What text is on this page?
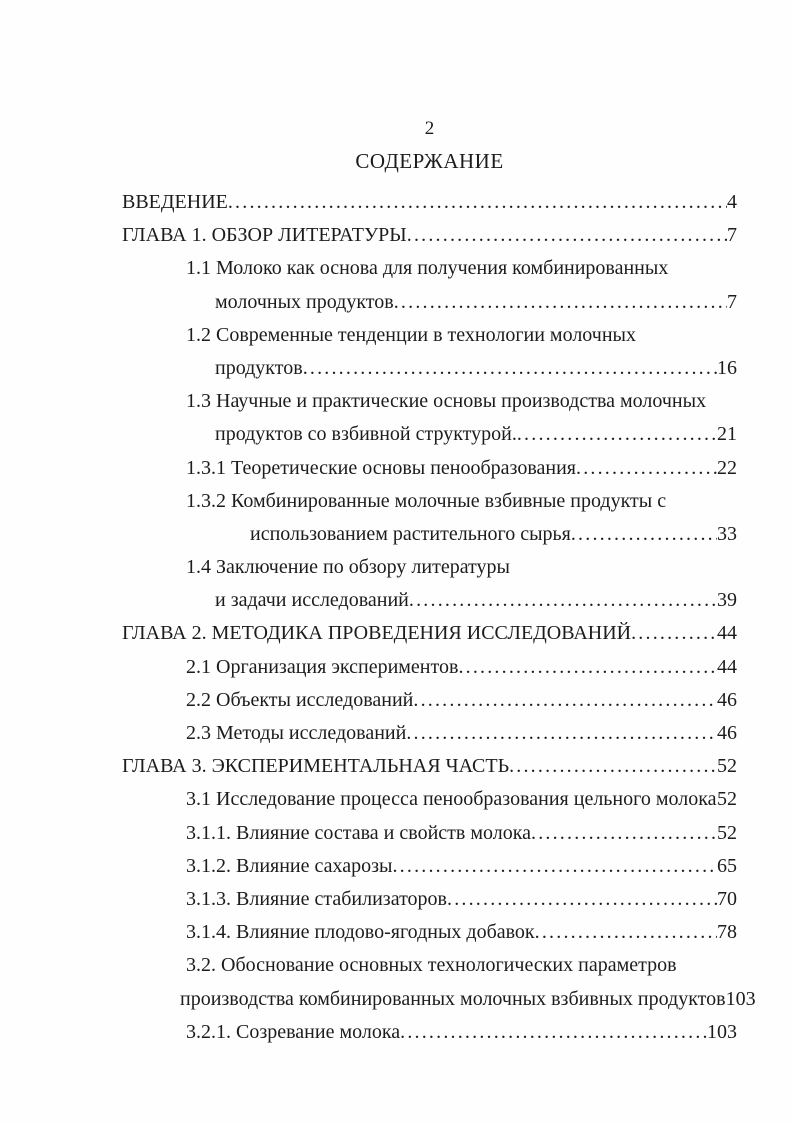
2
СОДЕРЖАНИЕ
ВВЕДЕНИЕ .....	4
ГЛАВА 1. ОБЗОР ЛИТЕРАТУРЫ .....	7
1.1 Молоко как основа для получения комбинированных
молочных продуктов .....	7
1.2 Современные тенденции в технологии молочных
продуктов .....	16
1.3 Научные и практические основы производства молочных
продуктов со взбивной структурой. .....	21
1.3.1 Теоретические основы пенообразования .....	22
1.3.2 Комбинированные молочные взбивные продукты с
использованием растительного сырья .....	33
1.4 Заключение по обзору литературы
и задачи исследований .....	39
ГЛАВА 2. МЕТОДИКА ПРОВЕДЕНИЯ ИССЛЕДОВАНИЙ .....	44
2.1 Организация экспериментов .....	44
2.2 Объекты исследований .....	46
2.3 Методы исследований .....	46
ГЛАВА 3. ЭКСПЕРИМЕНТАЛЬНАЯ ЧАСТЬ .....	52
3.1 Исследование процесса пенообразования цельного молока ..... 52
3.1.1. Влияние состава и свойств молока .....	52
3.1.2. Влияние сахарозы .....	65
3.1.3. Влияние стабилизаторов .....	70
3.1.4. Влияние плодово-ягодных добавок .....	78
3.2. Обоснование основных технологических параметров
производства комбинированных молочных взбивных продуктов 103
3.2.1. Созревание молока .....	103
